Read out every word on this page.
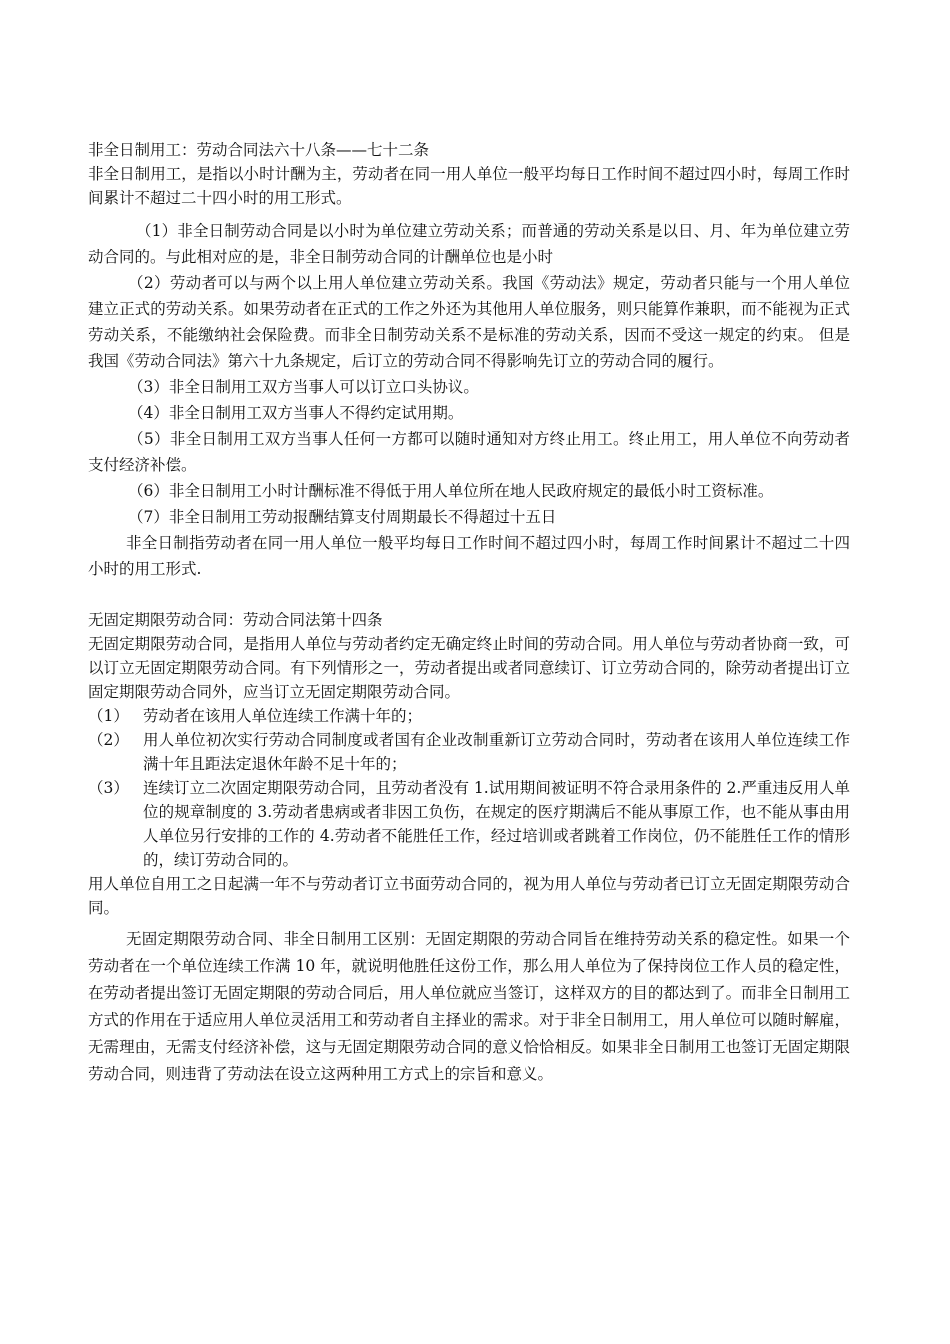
非全日制用工：劳动合同法六十八条——七十二条

非全日制用工，是指以小时计酬为主，劳动者在同一用人单位一般平均每日工作时间不超过四小时，每周工作时间累计不超过二十四小时的用工形式。

（1）非全日制劳动合同是以小时为单位建立劳动关系；而普通的劳动关系是以日、月、年为单位建立劳动合同的。与此相对应的是，非全日制劳动合同的计酬单位也是小时

（2）劳动者可以与两个以上用人单位建立劳动关系。我国《劳动法》规定，劳动者只能与一个用人单位建立正式的劳动关系。如果劳动者在正式的工作之外还为其他用人单位服务，则只能算作兼职，而不能视为正式劳动关系，不能缴纳社会保险费。而非全日制劳动关系不是标准的劳动关系，因而不受这一规定的约束。 但是我国《劳动合同法》第六十九条规定，后订立的劳动合同不得影响先订立的劳动合同的履行。

（3）非全日制用工双方当事人可以订立口头协议。

（4）非全日制用工双方当事人不得约定试用期。

（5）非全日制用工双方当事人任何一方都可以随时通知对方终止用工。终止用工，用人单位不向劳动者支付经济补偿。

（6）非全日制用工小时计酬标准不得低于用人单位所在地人民政府规定的最低小时工资标准。

（7）非全日制用工劳动报酬结算支付周期最长不得超过十五日

非全日制指劳动者在同一用人单位一般平均每日工作时间不超过四小时，每周工作时间累计不超过二十四小时的用工形式.

无固定期限劳动合同：劳动合同法第十四条

无固定期限劳动合同，是指用人单位与劳动者约定无确定终止时间的劳动合同。用人单位与劳动者协商一致，可以订立无固定期限劳动合同。有下列情形之一，劳动者提出或者同意续订、订立劳动合同的，除劳动者提出订立固定期限劳动合同外，应当订立无固定期限劳动合同。

（1） 劳动者在该用人单位连续工作满十年的；
（2） 用人单位初次实行劳动合同制度或者国有企业改制重新订立劳动合同时，劳动者在该用人单位连续工作满十年且距法定退休年龄不足十年的；
（3） 连续订立二次固定期限劳动合同，且劳动者没有 1.试用期间被证明不符合录用条件的 2.严重违反用人单位的规章制度的 3.劳动者患病或者非因工负伤，在规定的医疗期满后不能从事原工作，也不能从事由用人单位另行安排的工作的 4.劳动者不能胜任工作，经过培训或者跳着工作岗位，仍不能胜任工作的情形的，续订劳动合同的。

用人单位自用工之日起满一年不与劳动者订立书面劳动合同的，视为用人单位与劳动者已订立无固定期限劳动合同。

无固定期限劳动合同、非全日制用工区别：无固定期限的劳动合同旨在维持劳动关系的稳定性。如果一个劳动者在一个单位连续工作满 10 年，就说明他胜任这份工作，那么用人单位为了保持岗位工作人员的稳定性，在劳动者提出签订无固定期限的劳动合同后，用人单位就应当签订，这样双方的目的都达到了。而非全日制用工方式的作用在于适应用人单位灵活用工和劳动者自主择业的需求。对于非全日制用工，用人单位可以随时解雇，无需理由，无需支付经济补偿，这与无固定期限劳动合同的意义恰恰相反。如果非全日制用工也签订无固定期限劳动合同，则违背了劳动法在设立这两种用工方式上的宗旨和意义。
